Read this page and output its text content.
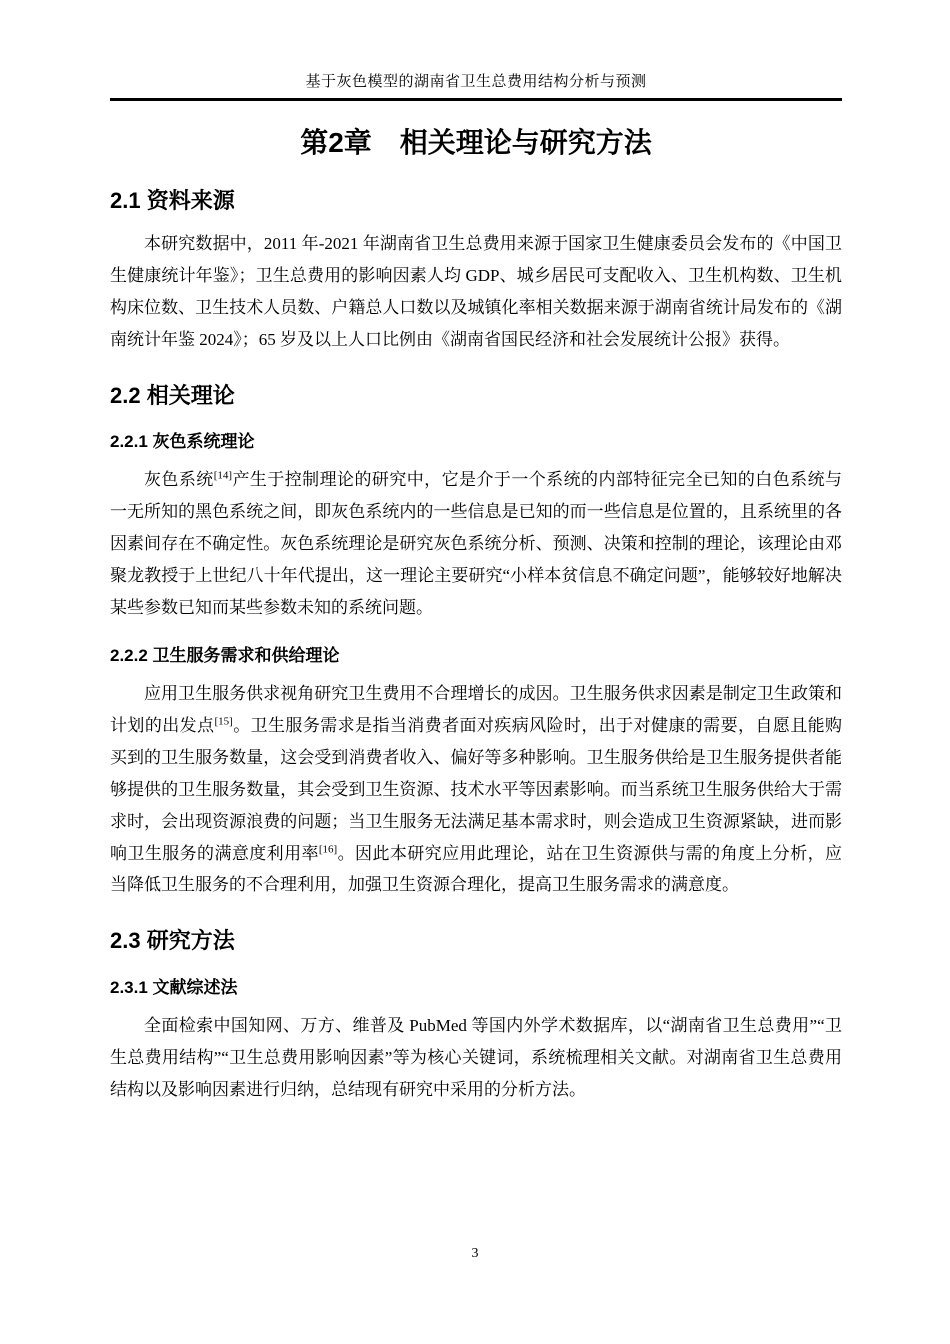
基于灰色模型的湖南省卫生总费用结构分析与预测
第2章 相关理论与研究方法
2.1 资料来源

本研究数据中，2011 年-2021 年湖南省卫生总费用来源于国家卫生健康委员会发布的《中国卫生健康统计年鉴》；卫生总费用的影响因素人均 GDP、城乡居民可支配收入、卫生机构数、卫生机构床位数、卫生技术人员数、户籍总人口数以及城镇化率相关数据来源于湖南省统计局发布的《湖南统计年鉴 2024》；65 岁及以上人口比例由《湖南省国民经济和社会发展统计公报》获得。

2.2 相关理论
2.2.1 灰色系统理论

灰色系统[14]产生于控制理论的研究中，它是介于一个系统的内部特征完全已知的白色系统与一无所知的黑色系统之间，即灰色系统内的一些信息是已知的而一些信息是位置的，且系统里的各因素间存在不确定性。灰色系统理论是研究灰色系统分析、预测、决策和控制的理论，该理论由邓聚龙教授于上世纪八十年代提出，这一理论主要研究“小样本贫信息不确定问题”，能够较好地解决某些参数已知而某些参数未知的系统问题。

2.2.2 卫生服务需求和供给理论

应用卫生服务供求视角研究卫生费用不合理增长的成因。卫生服务供求因素是制定卫生政策和计划的出发点[15]。卫生服务需求是指当消费者面对疾病风险时，出于对健康的需要，自愿且能购买到的卫生服务数量，这会受到消费者收入、偏好等多种影响。卫生服务供给是卫生服务提供者能够提供的卫生服务数量，其会受到卫生资源、技术水平等因素影响。而当系统卫生服务供给大于需求时，会出现资源浪费的问题；当卫生服务无法满足基本需求时，则会造成卫生资源紧缺，进而影响卫生服务的满意度利用率[16]。因此本研究应用此理论，站在卫生资源供与需的角度上分析，应当降低卫生服务的不合理利用，加强卫生资源合理化，提高卫生服务需求的满意度。

2.3 研究方法
2.3.1 文献综述法

全面检索中国知网、万方、维普及 PubMed 等国内外学术数据库，以“湖南省卫生总费用”“卫生总费用结构”“卫生总费用影响因素”等为核心关键词，系统梳理相关文献。对湖南省卫生总费用结构以及影响因素进行归纳，总结现有研究中采用的分析方法。

3
